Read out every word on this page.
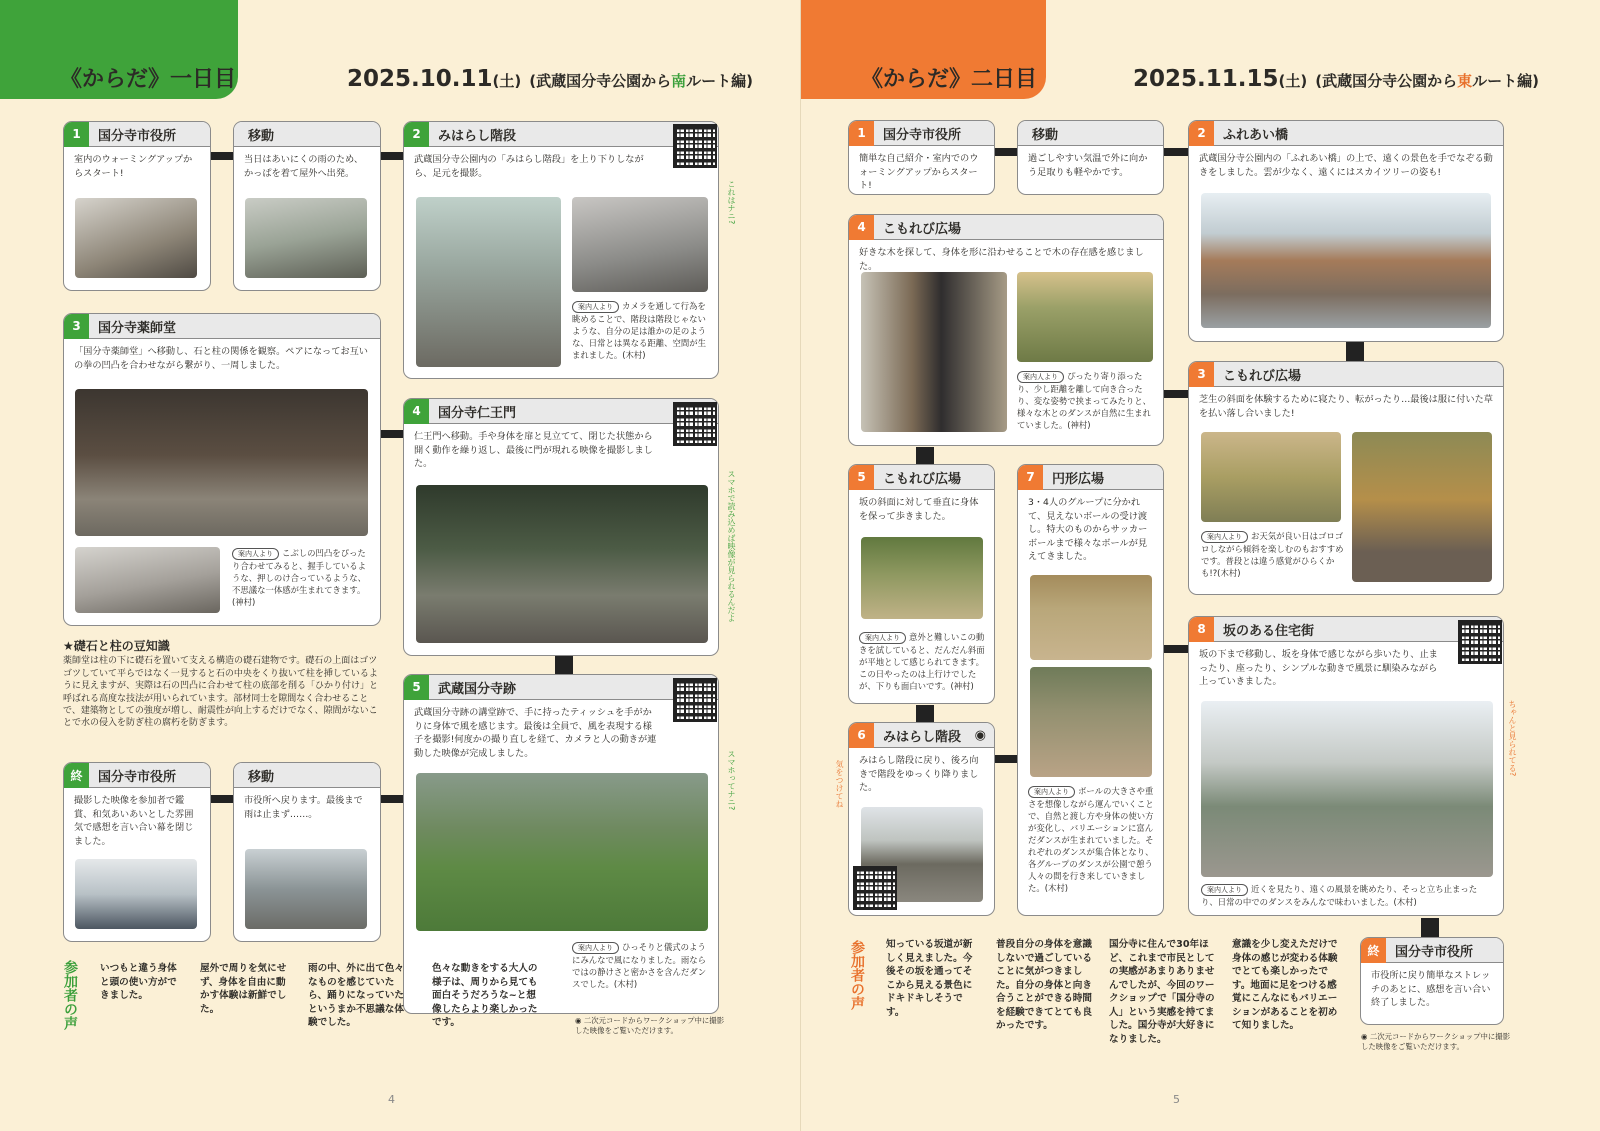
《からだ》一日目	2025.10.11(土) (武蔵国分寺公園から南ルート編)
1	国分寺市役所
室内のウォーミングアップからスタート!
移動
当日はあいにくの雨のため、かっぱを着て屋外へ出発。
2	みはらし階段
武蔵国分寺公園内の「みはらし階段」を上り下りしながら、足元を撮影。
案内人より カメラを通して行為を眺めることで、階段は階段じゃないような、自分の足は誰かの足のような、日常とは異なる距離、空間が生まれました。(木村)
3	国分寺薬師堂
「国分寺薬師堂」へ移動し、石と柱の関係を観察。ペアになってお互いの拳の凹凸を合わせながら繋がり、一周しました。
案内人より こぶしの凹凸をぴったり合わせてみると、握手しているような、押しのけ合っているような、不思議な一体感が生まれてきます。(神村)
4	国分寺仁王門
仁王門へ移動。手や身体を扉と見立てて、閉じた状態から開く動作を繰り返し、最後に門が現れる映像を撮影しました。
★礎石と柱の豆知識
薬師堂は柱の下に礎石を置いて支える構造の礎石建物です。礎石の上面はゴツゴツしていて平らではなく一見すると石の中央をくり抜いて柱を挿しているように見えますが、実際は石の凹凸に合わせて柱の底部を削る「ひかり付け」と呼ばれる高度な技法が用いられています。部材同士を隙間なく合わせることで、建築物としての強度が増し、耐震性が向上するだけでなく、隙間がないことで水の侵入を防ぎ柱の腐朽を防ぎます。
5	武蔵国分寺跡
武蔵国分寺跡の講堂跡で、手に持ったティッシュを手がかりに身体で風を感じます。最後は全員で、風を表現する様子を撮影!何度かの撮り直しを経て、カメラと人の動きが連動した映像が完成しました。
案内人より ひっそりと儀式のようにみんなで風になりました。雨ならではの静けさと密かさを含んだダンスでした。(木村)
終	国分寺市役所
撮影した映像を参加者で鑑賞、和気あいあいとした雰囲気で感想を言い合い幕を閉じました。
移動
市役所へ戻ります。最後まで雨は止まず……。
参加者の声 いつもと違う身体と頭の使い方ができました。
屋外で周りを気にせず、身体を自由に動かす体験は新鮮でした。
雨の中、外に出て色々なものを感じていたら、踊りになっていたというまか不思議な体験でした。
色々な動きをする大人の様子は、周りから見ても面白そうだろうな~と想像したらより楽しかったです。	◉ 二次元コードからワークショップ中に撮影した映像をご覧いただけます。
これはナニ?
スマホで読み込めば映像が見られるんだよ
スマホってナニ?
4
《からだ》二日目	2025.11.15(土) (武蔵国分寺公園から東ルート編)
1	国分寺市役所
簡単な自己紹介・室内でのウォーミングアップからスタート!
移動
過ごしやすい気温で外に向かう足取りも軽やかです。
2	ふれあい橋
武蔵国分寺公園内の「ふれあい橋」の上で、遠くの景色を手でなぞる動きをしました。雲が少なく、遠くにはスカイツリーの姿も!
4	こもれび広場
好きな木を探して、身体を形に沿わせることで木の存在感を感じました。
案内人より ぴったり寄り添ったり、少し距離を離して向き合ったり、変な姿勢で挟まってみたりと、様々な木とのダンスが自然に生まれていました。(神村)
3	こもれび広場
芝生の斜面を体験するために寝たり、転がったり…最後は服に付いた草を払い落し合いました!
案内人より お天気が良い日はゴロゴロしながら傾斜を楽しむのもおすすめです。普段とは違う感覚がひらくかも!?(木村)
5	こもれび広場
坂の斜面に対して垂直に身体を保って歩きました。
案内人より 意外と難しいこの動きを試していると、だんだん斜面が平地として感じられてきます。この日やったのは上行けでしたが、下りも面白いです。(神村)
7	円形広場
3・4人のグループに分かれて、見えないボールの受け渡し。特大のものからサッカーボールまで様々なボールが見えてきました。
案内人より ボールの大きさや重さを想像しながら運んでいくことで、自然と渡し方や身体の使い方が変化し、バリエーションに富んだダンスが生まれていました。それぞれのダンスが集合体となり、各グループのダンスが公園で憩う人々の間を行き来していきました。(木村)
8	坂のある住宅街
坂の下まで移動し、坂を身体で感じながら歩いたり、止まったり、座ったり、シンプルな動きで風景に馴染みながら上っていきました。
案内人より 近くを見たり、遠くの風景を眺めたり、そっと立ち止まったり、日常の中でのダンスをみんなで味わいました。(木村)
6	みはらし階段 ◉
みはらし階段に戻り、後ろ向きで階段をゆっくり降りました。
終	国分寺市役所
市役所に戻り簡単なストレッチのあとに、感想を言い合い終了しました。
参加者の声 知っている坂道が新しく見えました。今後その坂を通ってそこから見える景色にドキドキしそうです。
普段自分の身体を意識しないで過ごしていることに気がつきました。自分の身体と向き合うことができる時間を経験できてとても良かったです。
国分寺に住んで30年ほど、これまで市民としての実感があまりありませんでしたが、今回のワークショップで「国分寺の人」という実感を持てました。国分寺が大好きになりました。
意識を少し変えただけで身体の感じが変わる体験でとても楽しかったです。地面に足をつける感覚にこんなにもバリエーションがあることを初めて知りました。
◉ 二次元コードからワークショップ中に撮影した映像をご覧いただけます。
気をつけてね
ちゃんと見られてる?
5
